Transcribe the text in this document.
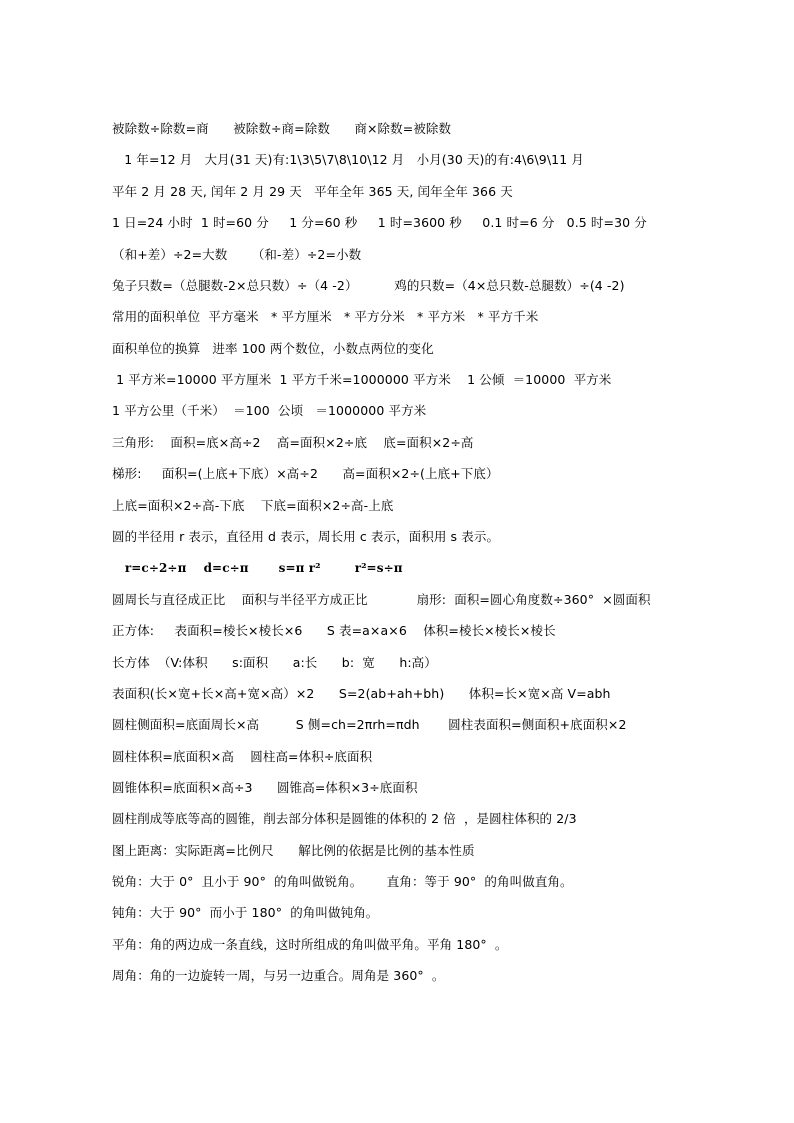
被除数÷除数=商      被除数÷商=除数      商×除数=被除数
1 年=12 月   大月(31 天)有:1\3\5\7\8\10\12 月   小月(30 天)的有:4\6\9\11 月
平年 2 月 28 天, 闰年 2 月 29 天   平年全年 365 天, 闰年全年 366 天
1 日=24 小时  1 时=60 分     1 分=60 秒     1 时=3600 秒     0.1 时=6 分   0.5 时=30 分
（和+差）÷2=大数      （和-差）÷2=小数
兔子只数=（总腿数-2×总只数）÷（4 -2）         鸡的只数=（4×总只数-总腿数）÷(4 -2)
常用的面积单位  平方毫米   * 平方厘米   * 平方分米   * 平方米   * 平方千米
面积单位的换算   进率 100 两个数位，小数点两位的变化
1 平方米=10000 平方厘米  1 平方千米=1000000 平方米    1 公倾  ＝10000  平方米
1 平方公里（千米）  ＝100  公顷   ＝1000000 平方米
三角形:    面积=底×高÷2    高=面积×2÷底    底=面积×2÷高
梯形:     面积=(上底+下底）×高÷2      高=面积×2÷(上底+下底）
上底=面积×2÷高-下底    下底=面积×2÷高-上底
圆的半径用 r 表示，直径用 d 表示，周长用 c 表示，面积用 s 表示。
r=c÷2÷π    d=c÷π       s=π r²        r²=s÷π
圆周长与直径成正比    面积与半径平方成正比            扇形:  面积=圆心角度数÷360°  ×圆面积
正方体:     表面积=棱长×棱长×6      S 表=a×a×6    体积=棱长×棱长×棱长
长方体  （V:体积      s:面积      a:长      b:  宽      h:高）
表面积(长×宽+长×高+宽×高）×2      S=2(ab+ah+bh)      体积=长×宽×高 V=abh
圆柱侧面积=底面周长×高         S 侧=ch=2πrh=πdh       圆柱表面积=侧面积+底面积×2
圆柱体积=底面积×高    圆柱高=体积÷底面积
圆锥体积=底面积×高÷3      圆锥高=体积×3÷底面积
圆柱削成等底等高的圆锥，削去部分体积是圆锥的体积的 2 倍  ，是圆柱体积的 2/3
图上距离：实际距离=比例尺      解比例的依据是比例的基本性质
锐角：大于 0°  且小于 90°  的角叫做锐角。      直角：等于 90°  的角叫做直角。
钝角：大于 90°  而小于 180°  的角叫做钝角。
平角：角的两边成一条直线，这时所组成的角叫做平角。平角 180°  。
周角：角的一边旋转一周，与另一边重合。周角是 360°  。
